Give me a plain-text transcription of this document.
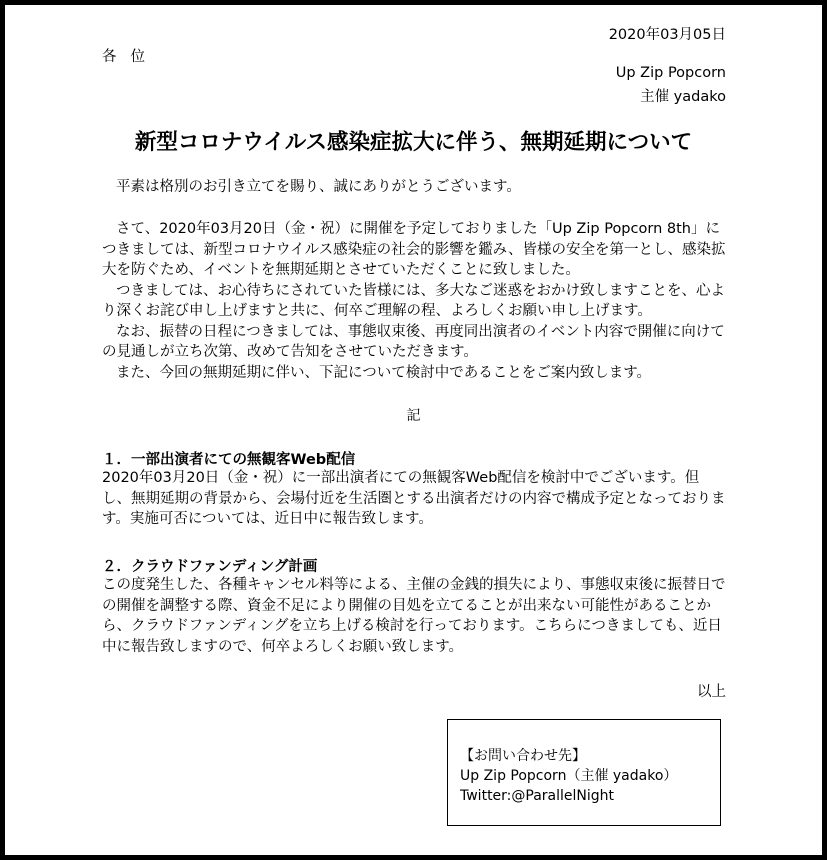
2020年03月05日
各位
Up Zip Popcorn
主催 yadako
新型コロナウイルス感染症拡大に伴う、無期延期について
平素は格別のお引き立てを賜り、誠にありがとうございます。
さて、2020年03月20日（金・祝）に開催を予定しておりました「Up Zip Popcorn 8th」につきましては、新型コロナウイルス感染症の社会的影響を鑑み、皆様の安全を第一とし、感染拡大を防ぐため、イベントを無期延期とさせていただくことに致しました。
つきましては、お心待ちにされていた皆様には、多大なご迷惑をおかけ致しますことを、心より深くお詫び申し上げますと共に、何卒ご理解の程、よろしくお願い申し上げます。
なお、振替の日程につきましては、事態収束後、再度同出演者のイベント内容で開催に向けての見通しが立ち次第、改めて告知をさせていただきます。
また、今回の無期延期に伴い、下記について検討中であることをご案内致します。
記
１．一部出演者にての無観客Web配信
2020年03月20日（金・祝）に一部出演者にての無観客Web配信を検討中でございます。但し、無期延期の背景から、会場付近を生活圏とする出演者だけの内容で構成予定となっております。実施可否については、近日中に報告致します。
２．クラウドファンディング計画
この度発生した、各種キャンセル料等による、主催の金銭的損失により、事態収束後に振替日での開催を調整する際、資金不足により開催の目処を立てることが出来ない可能性があることから、クラウドファンディングを立ち上げる検討を行っております。こちらにつきましても、近日中に報告致しますので、何卒よろしくお願い致します。
以上
【お問い合わせ先】
Up Zip Popcorn（主催 yadako）
Twitter:@ParallelNight
